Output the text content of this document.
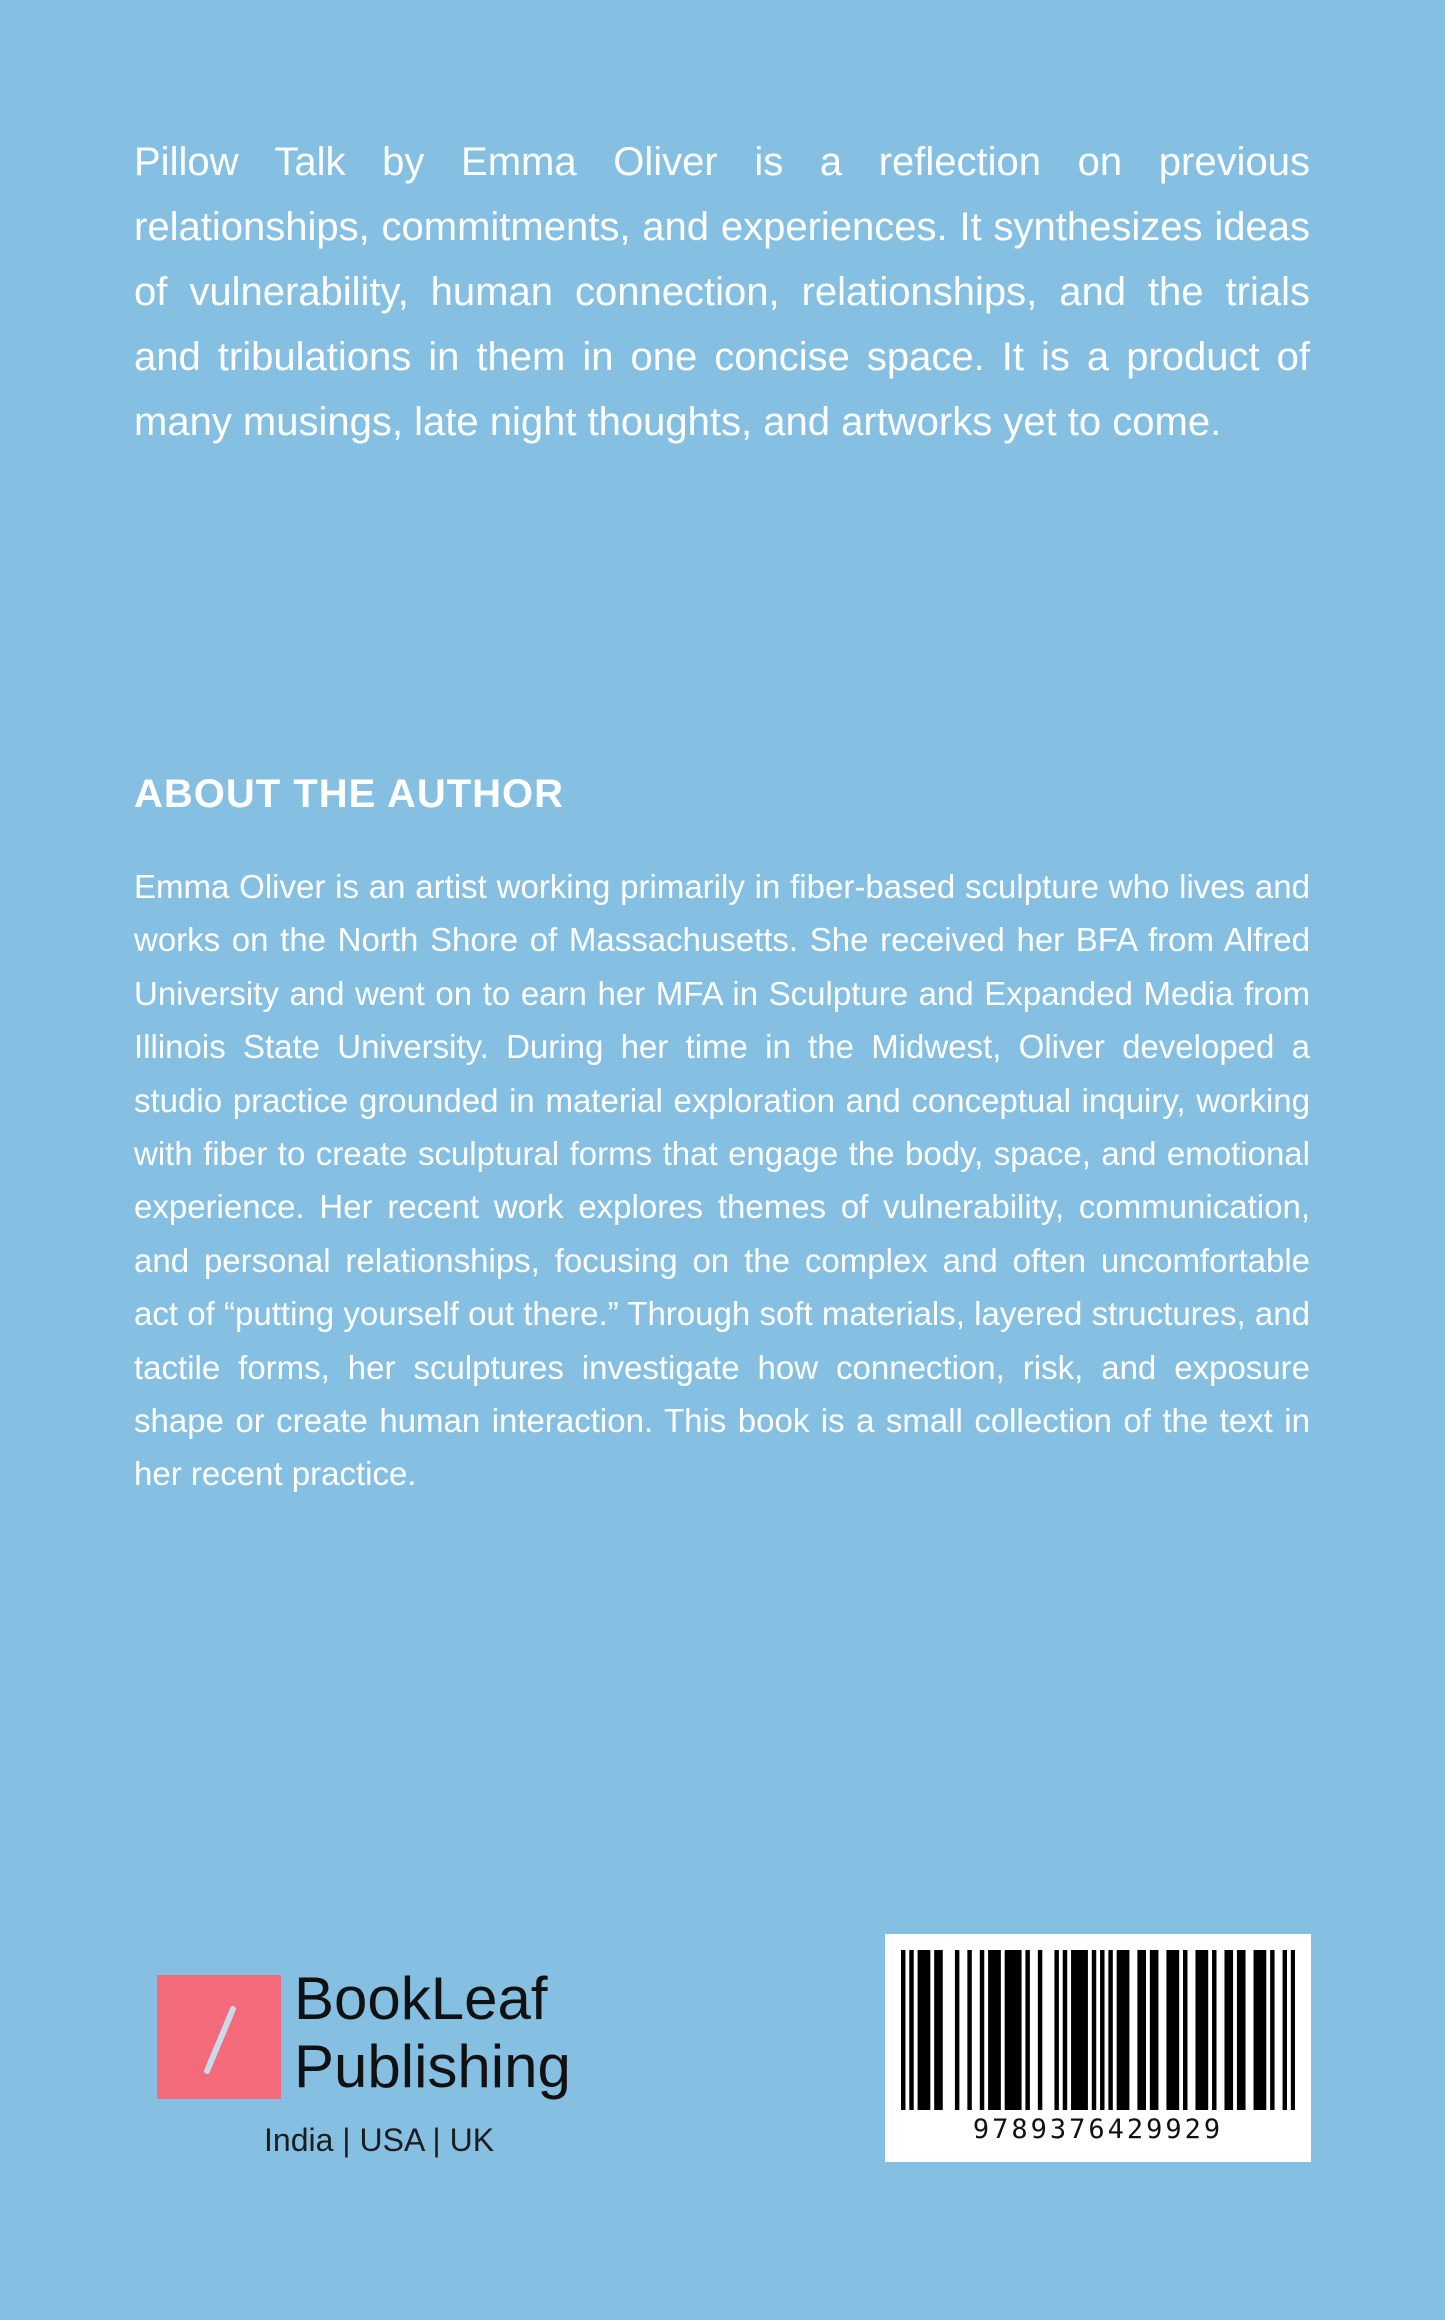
Pillow Talk by Emma Oliver is a reflection on previous relationships, commitments, and experiences. It synthesizes ideas of vulnerability, human connection, relationships, and the trials and tribulations in them in one concise space. It is a product of many musings, late night thoughts, and artworks yet to come.

ABOUT THE AUTHOR

Emma Oliver is an artist working primarily in fiber-based sculpture who lives and works on the North Shore of Massachusetts. She received her BFA from Alfred University and went on to earn her MFA in Sculpture and Expanded Media from Illinois State University. During her time in the Midwest, Oliver developed a studio practice grounded in material exploration and conceptual inquiry, working with fiber to create sculptural forms that engage the body, space, and emotional experience. Her recent work explores themes of vulnerability, communication, and personal relationships, focusing on the complex and often uncomfortable act of “putting yourself out there.” Through soft materials, layered structures, and tactile forms, her sculptures investigate how connection, risk, and exposure shape or create human interaction. This book is a small collection of the text in her recent practice.

BookLeaf
Publishing
India | USA | UK	9789376429929
